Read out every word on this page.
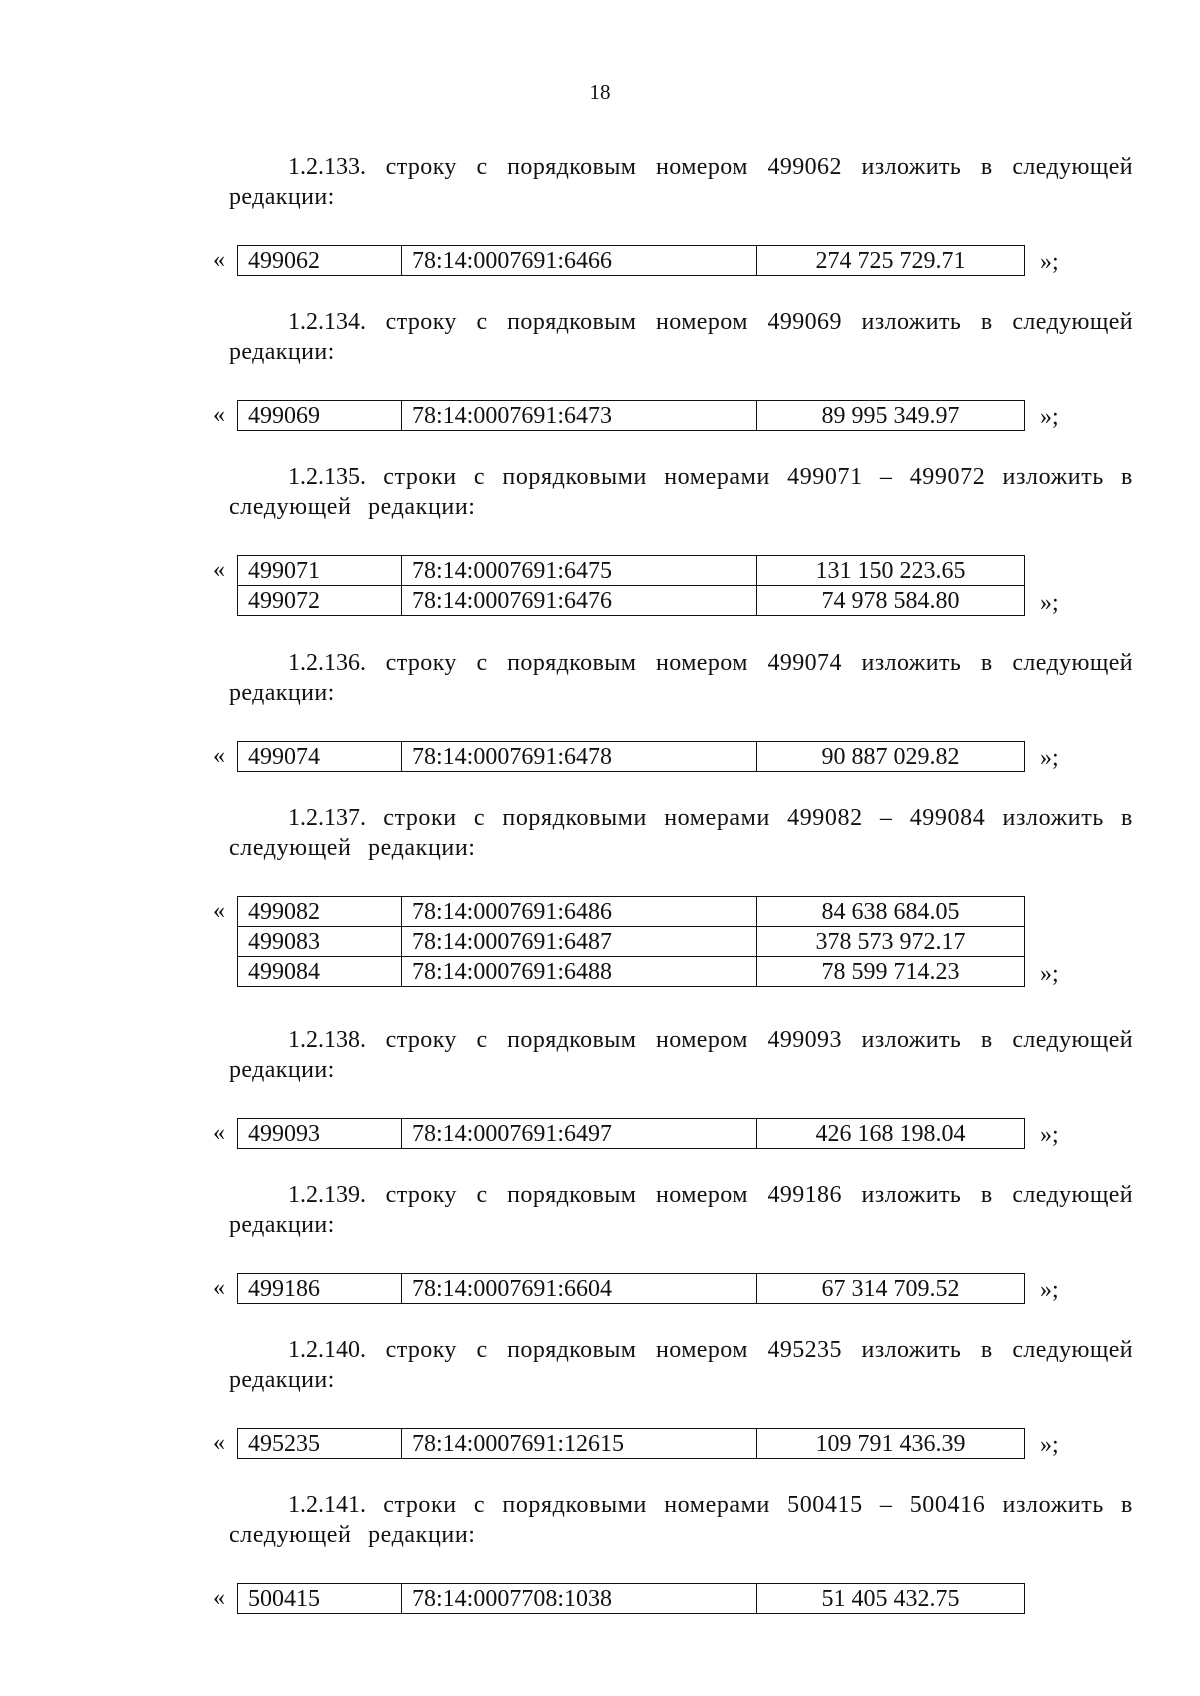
18

1.2.133. строку с порядковым номером 499062 изложить в следующей редакции:

« 499062	78:14:0007691:6466	274 725 729.71	»;

1.2.134. строку с порядковым номером 499069 изложить в следующей редакции:

« 499069	78:14:0007691:6473	89 995 349.97	»;

1.2.135. строки с порядковыми номерами 499071 – 499072 изложить в следующей редакции:

« 499071	78:14:0007691:6475	131 150 223.65
499072	78:14:0007691:6476	74 978 584.80	»;

1.2.136. строку с порядковым номером 499074 изложить в следующей редакции:

« 499074	78:14:0007691:6478	90 887 029.82	»;

1.2.137. строки с порядковыми номерами 499082 – 499084 изложить в следующей редакции:

« 499082	78:14:0007691:6486	84 638 684.05
499083	78:14:0007691:6487	378 573 972.17
499084	78:14:0007691:6488	78 599 714.23	»;

1.2.138. строку с порядковым номером 499093 изложить в следующей редакции:

« 499093	78:14:0007691:6497	426 168 198.04	»;

1.2.139. строку с порядковым номером 499186 изложить в следующей редакции:

« 499186	78:14:0007691:6604	67 314 709.52	»;

1.2.140. строку с порядковым номером 495235 изложить в следующей редакции:

« 495235	78:14:0007691:12615	109 791 436.39	»;

1.2.141. строки с порядковыми номерами 500415 – 500416 изложить в следующей редакции:

« 500415	78:14:0007708:1038	51 405 432.75
